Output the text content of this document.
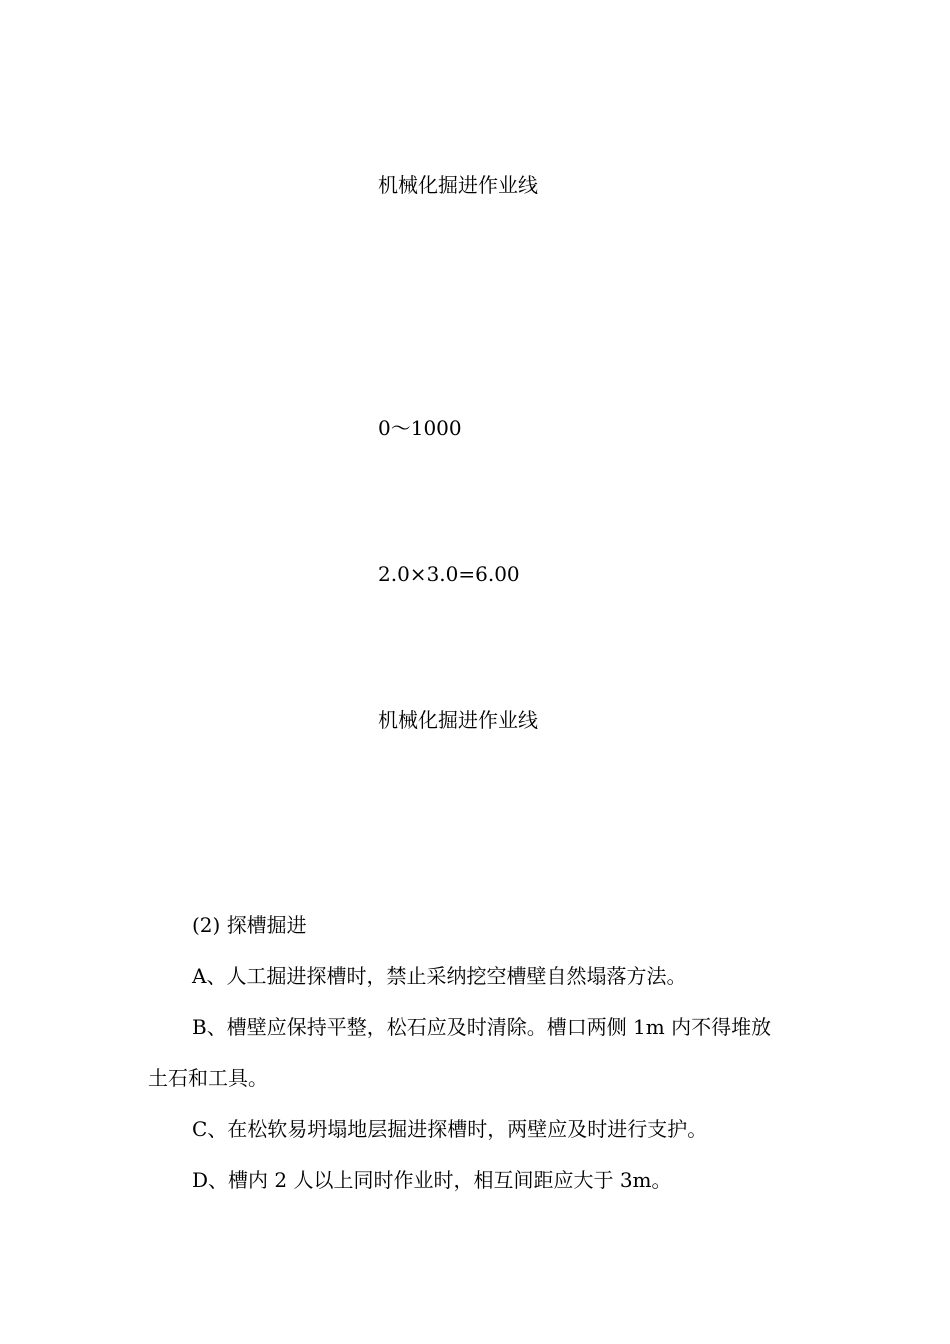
机械化掘进作业线
0～1000
2.0×3.0=6.00
机械化掘进作业线

(2) 探槽掘进

A、人工掘进探槽时，禁止采纳挖空槽壁自然塌落方法。

B、槽壁应保持平整，松石应及时清除。槽口两侧 1m 内不得堆放土石和工具。

C、在松软易坍塌地层掘进探槽时，两壁应及时进行支护。

D、槽内 2 人以上同时作业时，相互间距应大于 3m。
